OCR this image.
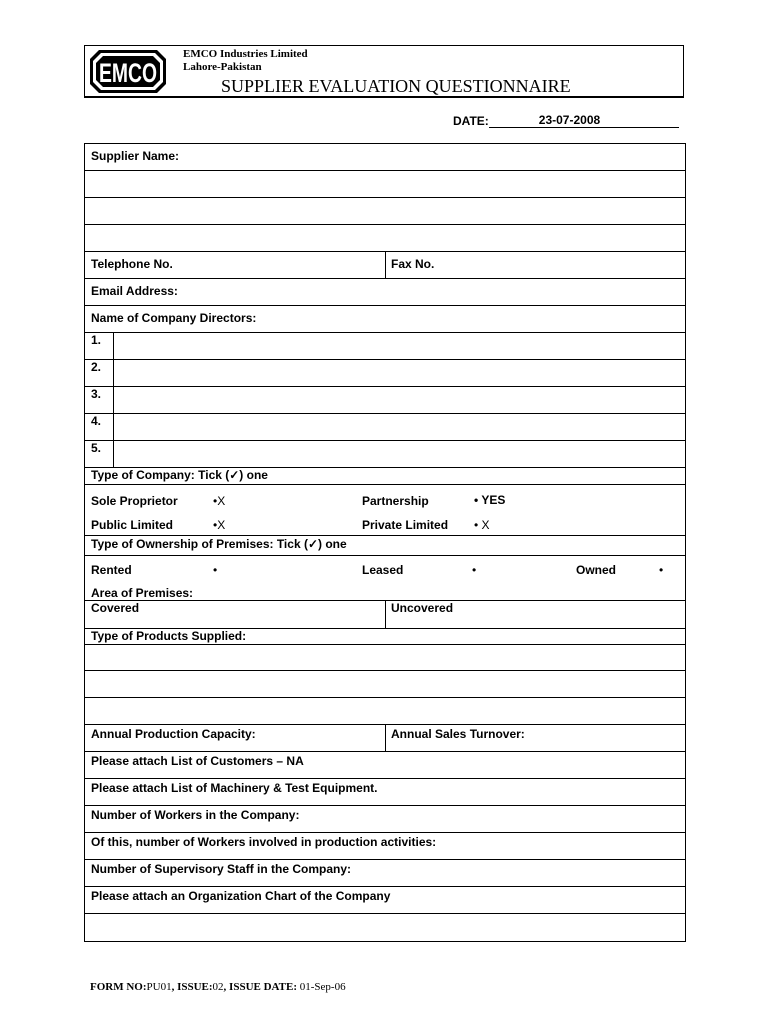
EMCO
EMCO Industries Limited
Lahore-Pakistan
SUPPLIER EVALUATION QUESTIONNAIRE
DATE:	23-07-2008
Supplier Name:
Telephone No.	Fax No.
Email Address:
Name of Company Directors:
1.
2.
3.
4.
5.
Type of Company: Tick (✓) one
Sole Proprietor	•X	Partnership	• YES
Public Limited	•X	Private Limited • X
Type of Ownership of Premises: Tick (✓) one
Rented	•	Leased	•	Owned	•
Area of Premises:
Covered	Uncovered
Type of Products Supplied:
Annual Production Capacity:	Annual Sales Turnover:
Please attach List of Customers – NA
Please attach List of Machinery & Test Equipment.
Number of Workers in the Company:
Of this, number of Workers involved in production activities:
Number of Supervisory Staff in the Company:
Please attach an Organization Chart of the Company
FORM NO:PU01, ISSUE:02, ISSUE DATE: 01-Sep-06
